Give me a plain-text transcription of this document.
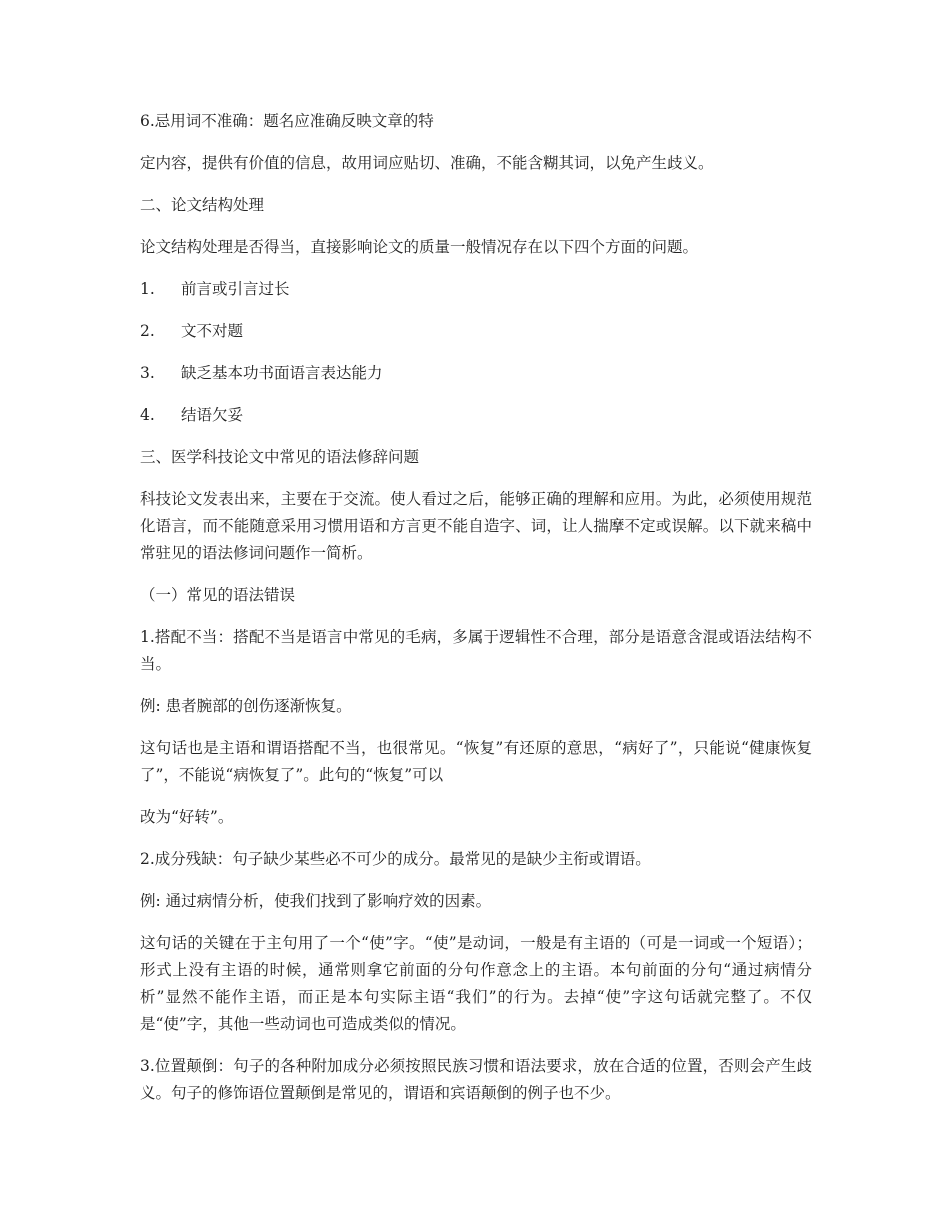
6.忌用词不准确：题名应准确反映文章的特

定内容，提供有价值的信息，故用词应贴切、准确，不能含糊其词，以免产生歧义。

二、论文结构处理

论文结构处理是否得当，直接影响论文的质量一般情况存在以下四个方面的问题。

1.	前言或引言过长
2.	文不对题
3.	缺乏基本功书面语言表达能力
4.	结语欠妥

三、医学科技论文中常见的语法修辞问题

科技论文发表出来，主要在于交流。使人看过之后，能够正确的理解和应用。为此，必须使用规范化语言，而不能随意采用习惯用语和方言更不能自造字、词，让人揣摩不定或误解。以下就来稿中常驻见的语法修词问题作一简析。

（一）常见的语法错误

1.搭配不当：搭配不当是语言中常见的毛病，多属于逻辑性不合理，部分是语意含混或语法结构不当。

例: 患者腕部的创伤逐渐恢复。

这句话也是主语和谓语搭配不当，也很常见。“恢复”有还原的意思，“病好了”，只能说“健康恢复了”，不能说“病恢复了”。此句的“恢复”可以

改为“好转”。

2.成分残缺：句子缺少某些必不可少的成分。最常见的是缺少主衔或谓语。

例: 通过病情分析，使我们找到了影响疗效的因素。

这句话的关键在于主句用了一个“使”字。“使”是动词，一般是有主语的（可是一词或一个短语）；形式上没有主语的时候，通常则拿它前面的分句作意念上的主语。本句前面的分句“通过病情分析”显然不能作主语，而正是本句实际主语“我们”的行为。去掉“使”字这句话就完整了。不仅是“使”字，其他一些动词也可造成类似的情况。

3.位置颠倒：句子的各种附加成分必须按照民族习惯和语法要求，放在合适的位置，否则会产生歧义。句子的修饰语位置颠倒是常见的，谓语和宾语颠倒的例子也不少。
